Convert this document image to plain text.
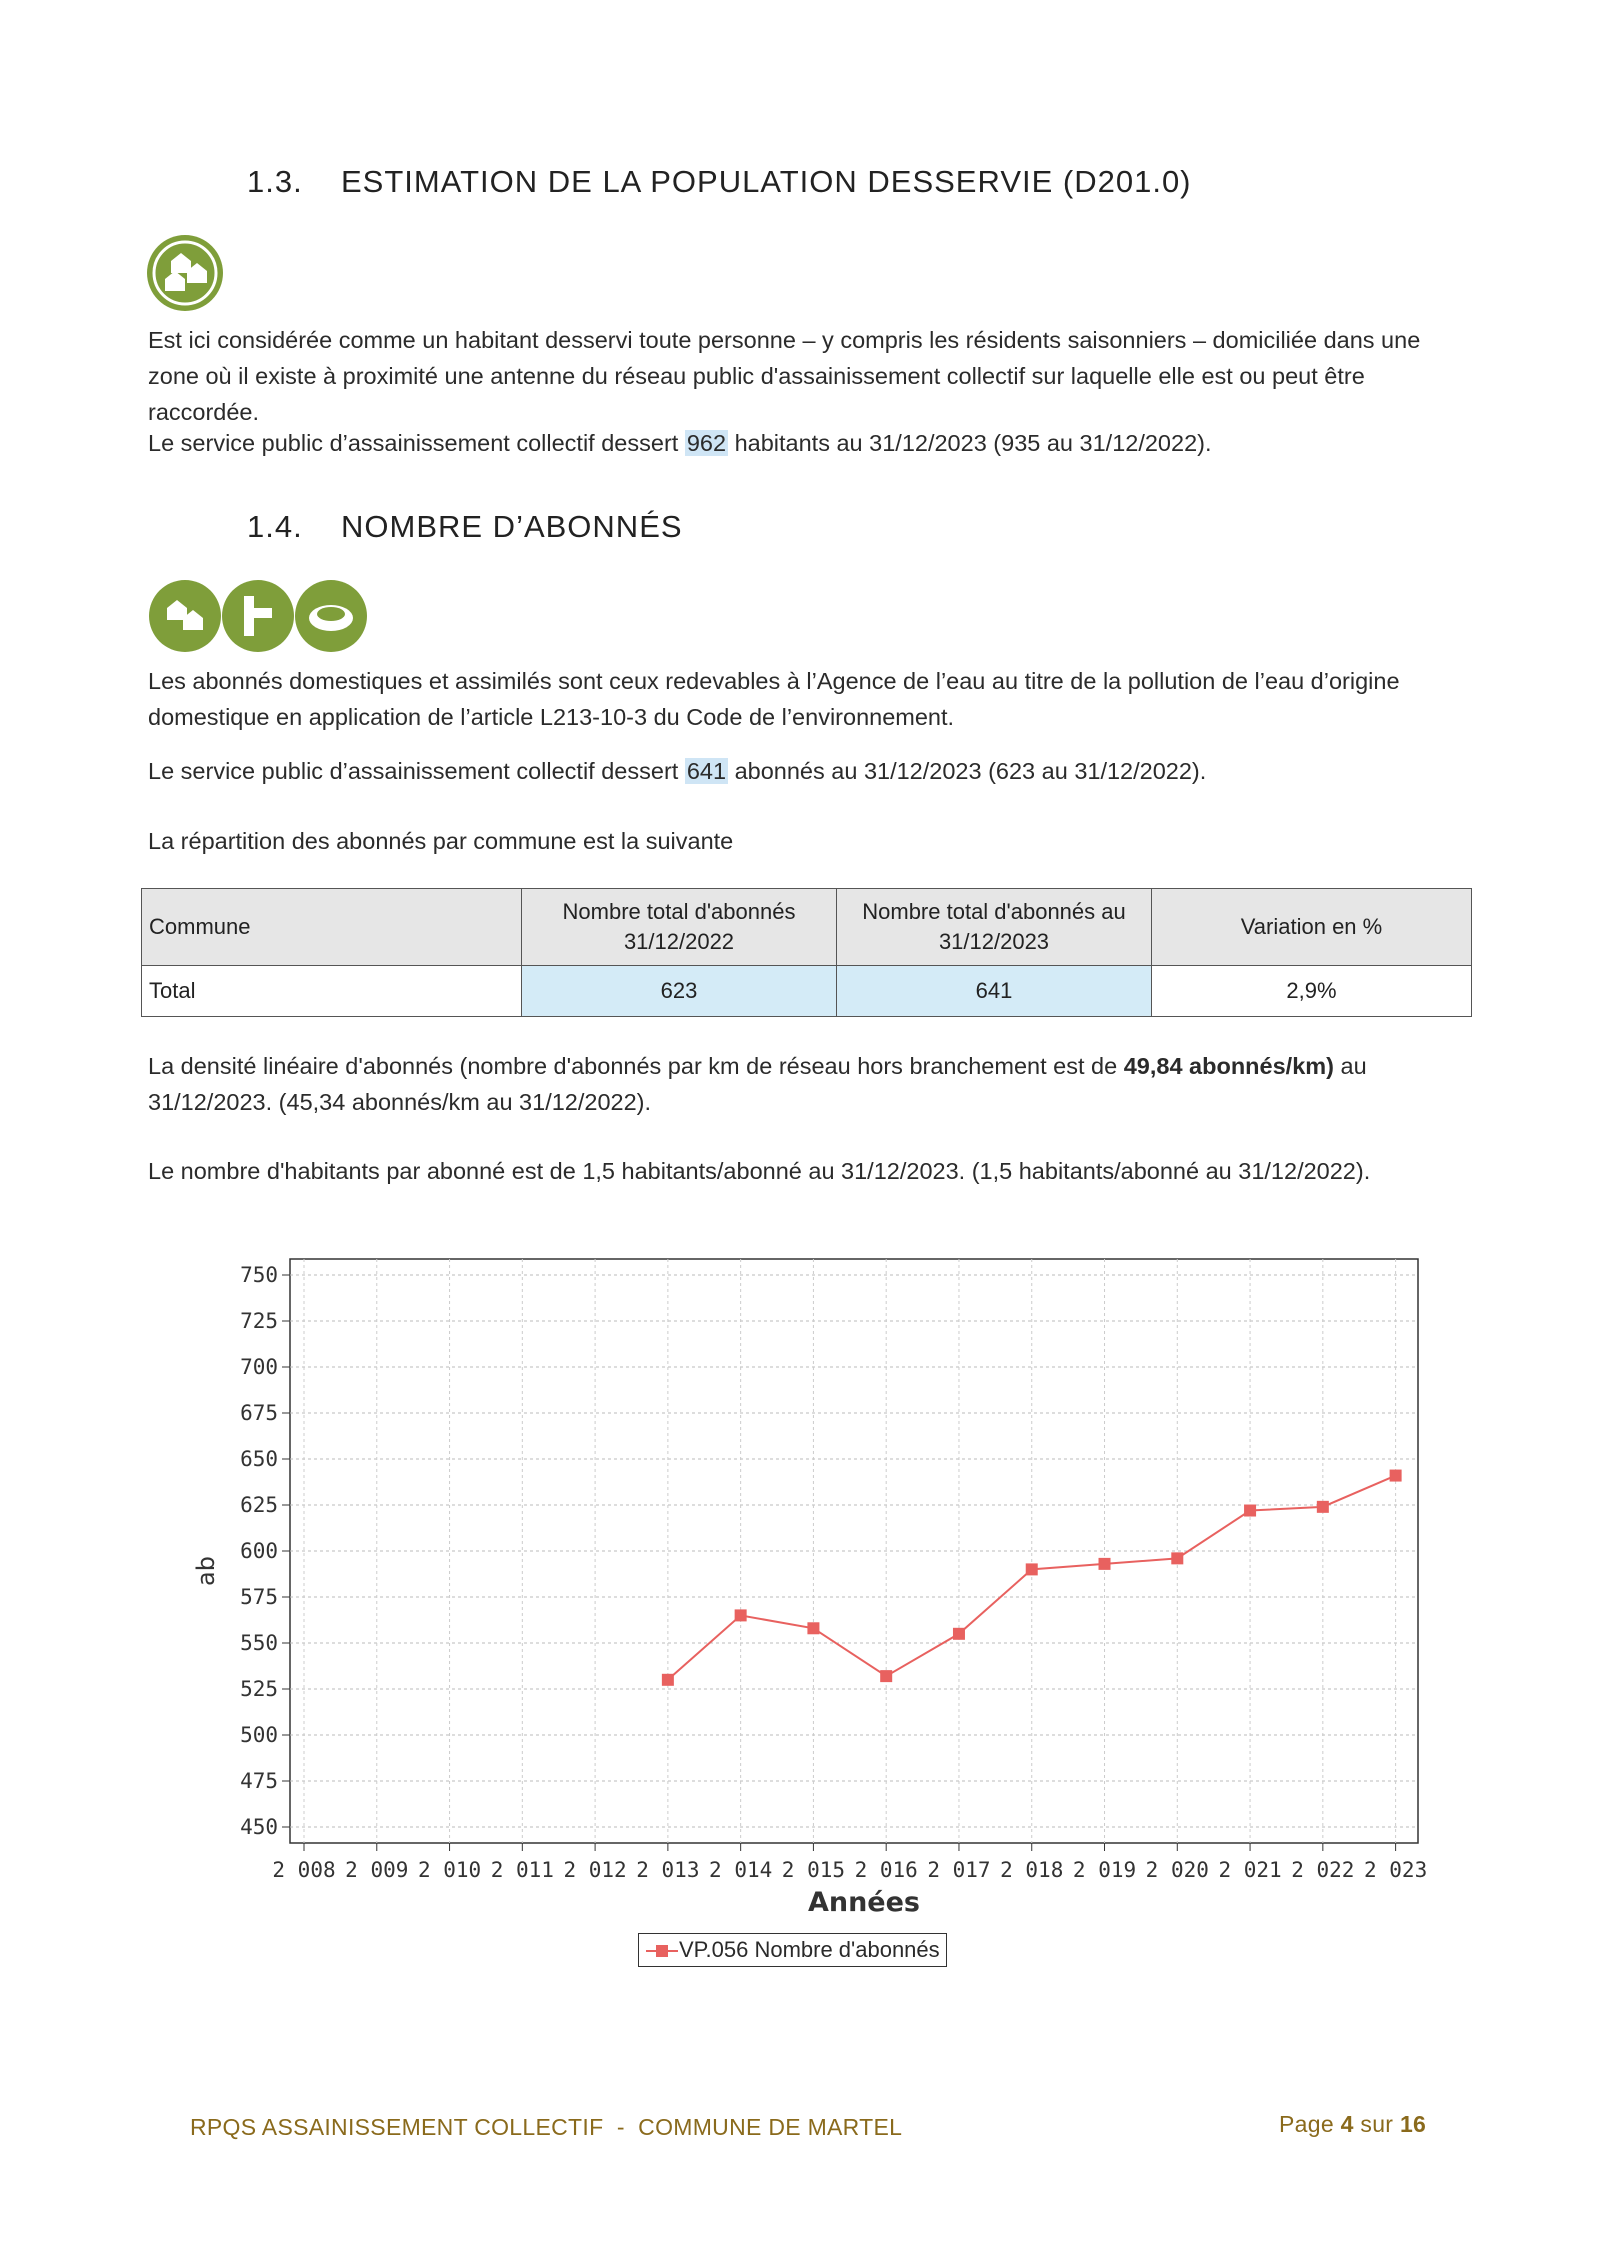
1.3. ESTIMATION DE LA POPULATION DESSERVIE (D201.0)
Est ici considérée comme un habitant desservi toute personne – y compris les résidents saisonniers – domiciliée dans une zone où il existe à proximité une antenne du réseau public d'assainissement collectif sur laquelle elle est ou peut être raccordée.
Le service public d’assainissement collectif dessert 962 habitants au 31/12/2023 (935 au 31/12/2022).
1.4. NOMBRE D’ABONNÉS
Les abonnés domestiques et assimilés sont ceux redevables à l’Agence de l’eau au titre de la pollution de l’eau d’origine domestique en application de l’article L213-10-3 du Code de l’environnement.
Le service public d’assainissement collectif dessert 641 abonnés au 31/12/2023 (623 au 31/12/2022).
La répartition des abonnés par commune est la suivante
Commune	Nombre total d'abonnés 31/12/2022	Nombre total d'abonnés au 31/12/2023	Variation en %
Total	623	641	2,9%
La densité linéaire d'abonnés (nombre d'abonnés par km de réseau hors branchement est de 49,84 abonnés/km) au 31/12/2023. (45,34 abonnés/km au 31/12/2022).
Le nombre d'habitants par abonné est de 1,5 habitants/abonné au 31/12/2023. (1,5 habitants/abonné au 31/12/2022).
750
725
700
675
650
625
600
575
550
525
500
475
450
2 008 2 009 2 010 2 011 2 012 2 013 2 014 2 015 2 016 2 017 2 018 2 019 2 020 2 021 2 022 2 023
Années
ab
VP.056 Nombre d'abonnés
RPQS ASSAINISSEMENT COLLECTIF  -  COMMUNE DE MARTEL	Page 4 sur 16
